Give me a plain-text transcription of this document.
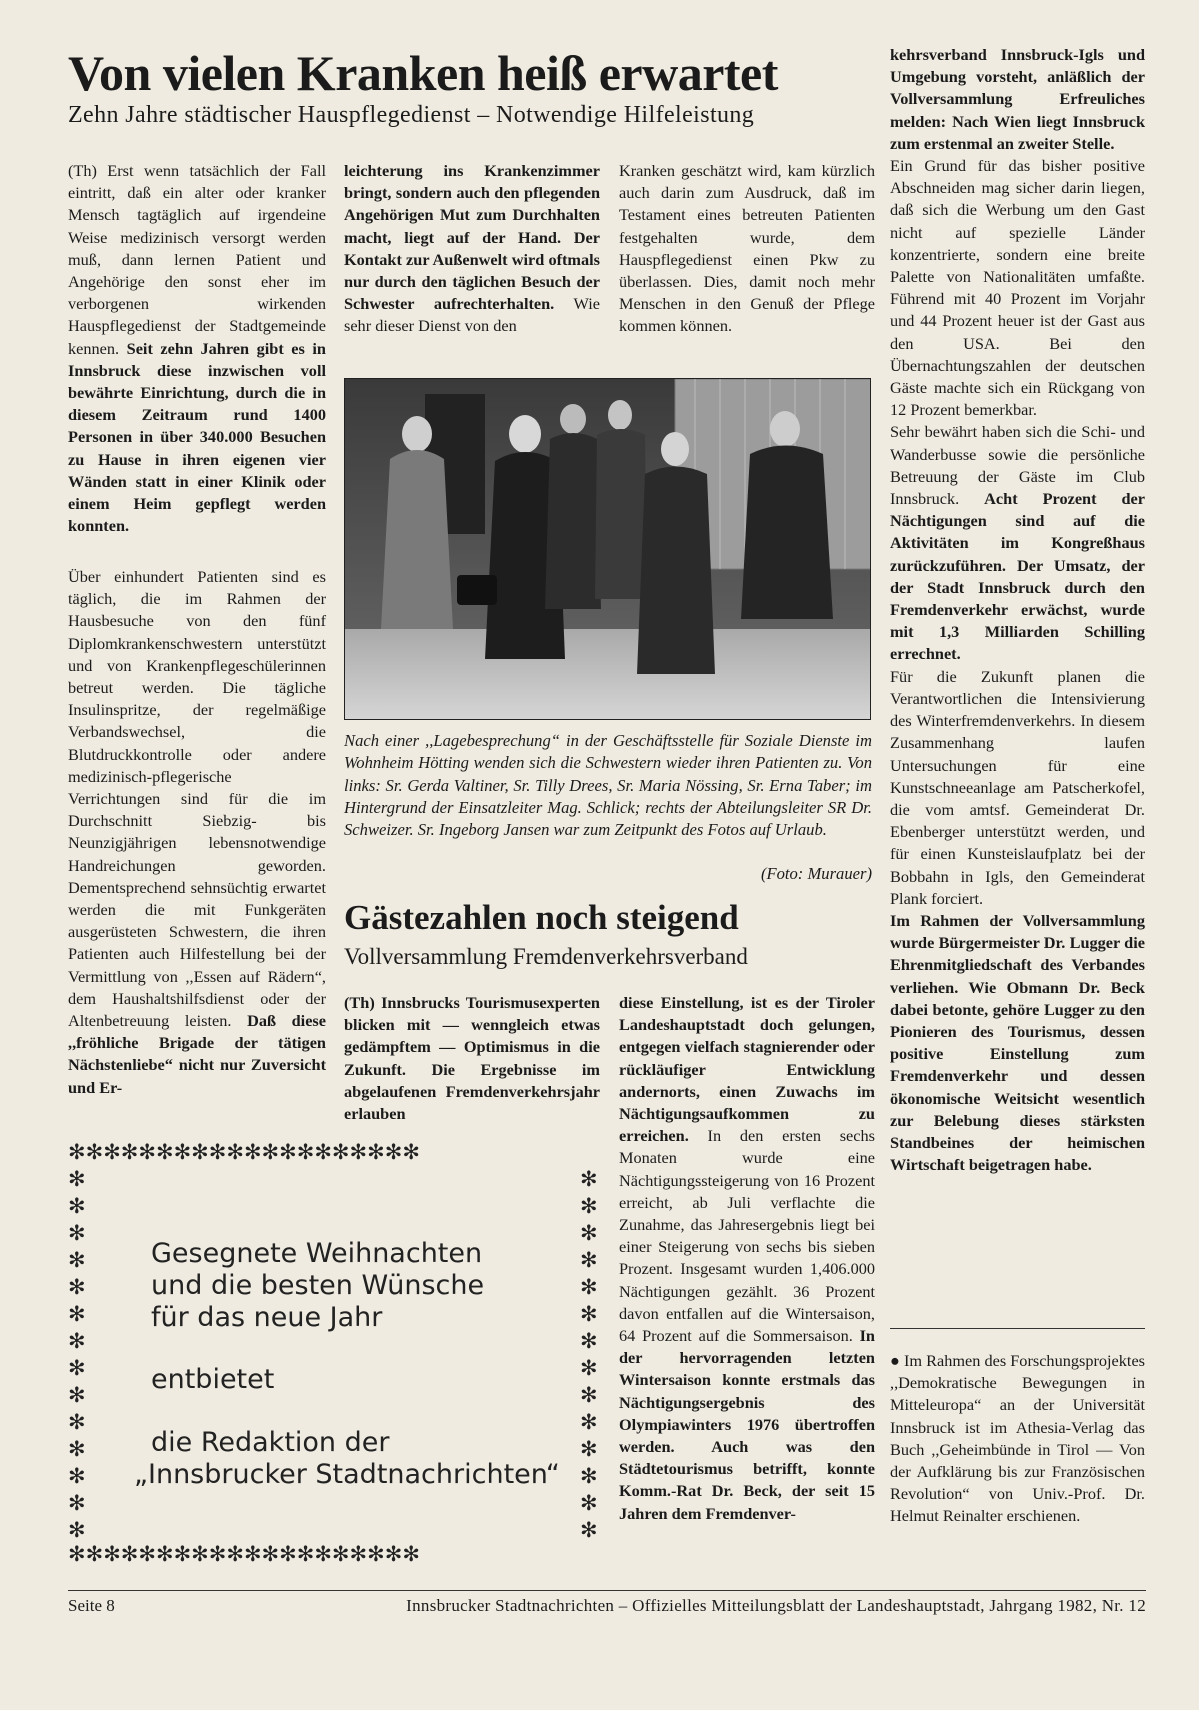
Von vielen Kranken heiß erwartet
Zehn Jahre städtischer Hauspflegedienst – Notwendige Hilfeleistung

(Th) Erst wenn tatsächlich der Fall eintritt, daß ein alter oder kranker Mensch tagtäglich auf irgendeine Weise medizinisch versorgt werden muß, dann lernen Patient und Angehörige den sonst eher im verborgenen wirkenden Hauspflegedienst der Stadtgemeinde kennen. Seit zehn Jahren gibt es in Innsbruck diese inzwischen voll bewährte Einrichtung, durch die in diesem Zeitraum rund 1400 Personen in über 340.000 Besuchen zu Hause in ihren eigenen vier Wänden statt in einer Klinik oder einem Heim gepflegt werden konnten.

Über einhundert Patienten sind es täglich, die im Rahmen der Hausbesuche von den fünf Diplomkrankenschwestern unterstützt und von Krankenpflegeschülerinnen betreut werden. Die tägliche Insulinspritze, der regelmäßige Verbandswechsel, die Blutdruckkontrolle oder andere medizinisch-pflegerische Verrichtungen sind für die im Durchschnitt Siebzig- bis Neunzigjährigen lebensnotwendige Handreichungen geworden. Dementsprechend sehnsüchtig erwartet werden die mit Funkgeräten ausgerüsteten Schwestern, die ihren Patienten auch Hilfestellung bei der Vermittlung von ,,Essen auf Rädern“, dem Haushaltshilfsdienst oder der Altenbetreuung leisten. Daß diese ,,fröhliche Brigade der tätigen Nächstenliebe“ nicht nur Zuversicht und Er-

leichterung ins Krankenzimmer bringt, sondern auch den pflegenden Angehörigen Mut zum Durchhalten macht, liegt auf der Hand. Der Kontakt zur Außenwelt wird oftmals nur durch den täglichen Besuch der Schwester aufrechterhalten. Wie sehr dieser Dienst von den

Kranken geschätzt wird, kam kürzlich auch darin zum Ausdruck, daß im Testament eines betreuten Patienten festgehalten wurde, dem Hauspflegedienst einen Pkw zu überlassen. Dies, damit noch mehr Menschen in den Genuß der Pflege kommen können.

Nach einer ,,Lagebesprechung“ in der Geschäftsstelle für Soziale Dienste im Wohnheim Hötting wenden sich die Schwestern wieder ihren Patienten zu. Von links: Sr. Gerda Valtiner, Sr. Tilly Drees, Sr. Maria Nössing, Sr. Erna Taber; im Hintergrund der Einsatzleiter Mag. Schlick; rechts der Abteilungsleiter SR Dr. Schweizer. Sr. Ingeborg Jansen war zum Zeitpunkt des Fotos auf Urlaub.
(Foto: Murauer)
Gästezahlen noch steigend
Vollversammlung Fremdenverkehrsverband

(Th) Innsbrucks Tourismusexperten blicken mit — wenngleich etwas gedämpftem — Optimismus in die Zukunft. Die Ergebnisse im abgelaufenen Fremdenverkehrsjahr erlauben

diese Einstellung, ist es der Tiroler Landeshauptstadt doch gelungen, entgegen vielfach stagnierender oder rückläufiger Entwicklung andernorts, einen Zuwachs im Nächtigungsaufkommen zu erreichen. In den ersten sechs Monaten wurde eine Nächtigungssteigerung von 16 Prozent erreicht, ab Juli verflachte die Zunahme, das Jahresergebnis liegt bei einer Steigerung von sechs bis sieben Prozent. Insgesamt wurden 1,406.000 Nächtigungen gezählt. 36 Prozent davon entfallen auf die Wintersaison, 64 Prozent auf die Sommersaison. In der hervorragenden letzten Wintersaison konnte erstmals das Nächtigungsergebnis des Olympiawinters 1976 übertroffen werden. Auch was den Städtetourismus betrifft, konnte Komm.-Rat Dr. Beck, der seit 15 Jahren dem Fremdenver-

kehrsverband Innsbruck-Igls und Umgebung vorsteht, anläßlich der Vollversammlung Erfreuliches melden: Nach Wien liegt Innsbruck zum erstenmal an zweiter Stelle.

Ein Grund für das bisher positive Abschneiden mag sicher darin liegen, daß sich die Werbung um den Gast nicht auf spezielle Länder konzentrierte, sondern eine breite Palette von Nationalitäten umfaßte. Führend mit 40 Prozent im Vorjahr und 44 Prozent heuer ist der Gast aus den USA. Bei den Übernachtungszahlen der deutschen Gäste machte sich ein Rückgang von 12 Prozent bemerkbar.

Sehr bewährt haben sich die Schi- und Wanderbusse sowie die persönliche Betreuung der Gäste im Club Innsbruck. Acht Prozent der Nächtigungen sind auf die Aktivitäten im Kongreßhaus zurückzuführen. Der Umsatz, der der Stadt Innsbruck durch den Fremdenverkehr erwächst, wurde mit 1,3 Milliarden Schilling errechnet.

Für die Zukunft planen die Verantwortlichen die Intensivierung des Winterfremdenverkehrs. In diesem Zusammenhang laufen Untersuchungen für eine Kunstschneeanlage am Patscherkofel, die vom amtsf. Gemeinderat Dr. Ebenberger unterstützt werden, und für einen Kunsteislaufplatz bei der Bobbahn in Igls, den Gemeinderat Plank forciert.

Im Rahmen der Vollversammlung wurde Bürgermeister Dr. Lugger die Ehrenmitgliedschaft des Verbandes verliehen. Wie Obmann Dr. Beck dabei betonte, gehöre Lugger zu den Pionieren des Tourismus, dessen positive Einstellung zum Fremdenverkehr und dessen ökonomische Weitsicht wesentlich zur Belebung dieses stärksten Standbeines der heimischen Wirtschaft beigetragen habe.

● Im Rahmen des Forschungsprojektes ,,Demokratische Bewegungen in Mitteleuropa“ an der Universität Innsbruck ist im Athesia-Verlag das Buch ,,Geheimbünde in Tirol — Von der Aufklärung bis zur Französischen Revolution“ von Univ.-Prof. Dr. Helmut Reinalter erschienen.

✻✻✻✻✻✻✻✻✻✻✻✻✻✻✻✻✻✻✻✻
✻✻✻✻✻✻✻✻✻✻✻✻✻✻✻✻✻✻✻✻
✻
✻
✻
✻
✻
✻
✻
✻
✻
✻
✻
✻
✻
✻
✻
✻
✻
✻
✻
✻
✻
✻
✻
✻
✻
✻
✻
✻
Gesegnete Weihnachten
und die besten Wünsche
für das neue Jahr
entbietet
die Redaktion der
„Innsbrucker Stadtnachrichten“
Seite 8	Innsbrucker Stadtnachrichten – Offizielles Mitteilungsblatt der Landeshauptstadt, Jahrgang 1982, Nr. 12
